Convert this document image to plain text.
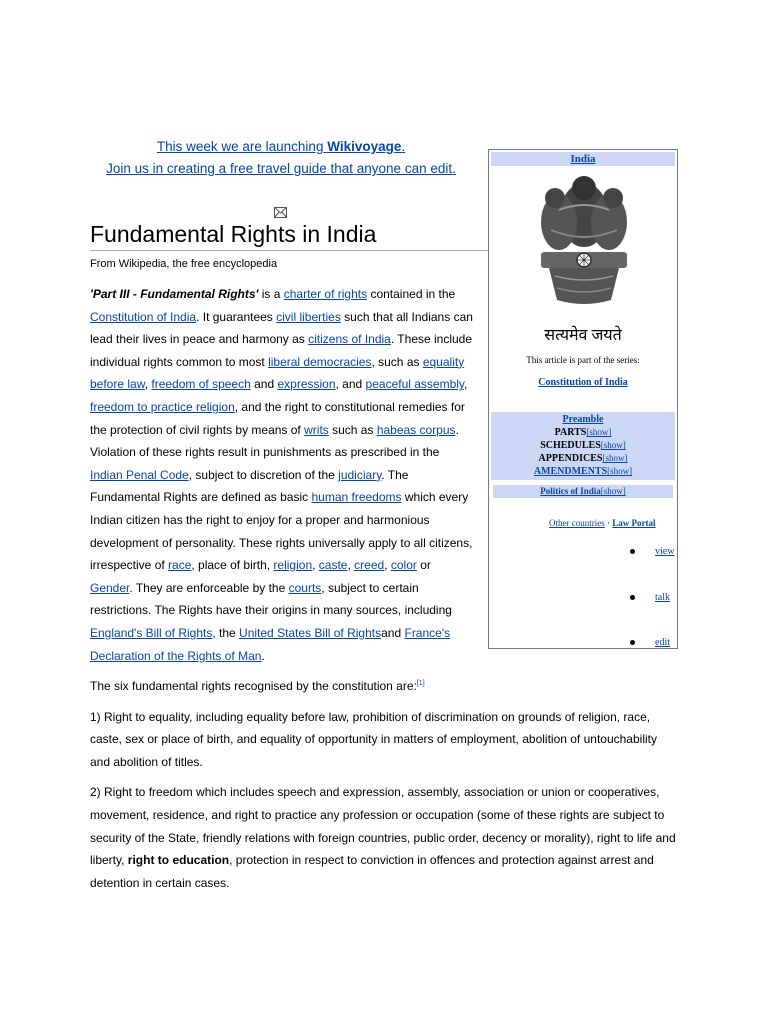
This week we are launching Wikivoyage.
Join us in creating a free travel guide that anyone can edit.
Fundamental Rights in India
From Wikipedia, the free encyclopedia

'Part III - Fundamental Rights' is a charter of rights contained in the Constitution of India. It guarantees civil liberties such that all Indians can lead their lives in peace and harmony as citizens of India. These include individual rights common to most liberal democracies, such as equality before law, freedom of speech and expression, and peaceful assembly, freedom to practice religion, and the right to constitutional remedies for the protection of civil rights by means of writs such as habeas corpus. Violation of these rights result in punishments as prescribed in the Indian Penal Code, subject to discretion of the judiciary. The Fundamental Rights are defined as basic human freedoms which every Indian citizen has the right to enjoy for a proper and harmonious development of personality. These rights universally apply to all citizens, irrespective of race, place of birth, religion, caste, creed, color or Gender. They are enforceable by the courts, subject to certain restrictions. The Rights have their origins in many sources, including England's Bill of Rights, the United States Bill of Rightsand France's Declaration of the Rights of Man.

The six fundamental rights recognised by the constitution are:[1]

1) Right to equality, including equality before law, prohibition of discrimination on grounds of religion, race, caste, sex or place of birth, and equality of opportunity in matters of employment, abolition of untouchability and abolition of titles.

2) Right to freedom which includes speech and expression, assembly, association or union or cooperatives, movement, residence, and right to practice any profession or occupation (some of these rights are subject to security of the State, friendly relations with foreign countries, public order, decency or morality), right to life and liberty, right to education, protection in respect to conviction in offences and protection against arrest and detention in certain cases.

India
सत्यमेव जयते
This article is part of the series:
Constitution of India
Preamble
PARTS[show]
SCHEDULES[show]
APPENDICES[show]
AMENDMENTS[show]
Politics of India[show]
Other countries · Law Portal
view
talk
edit
